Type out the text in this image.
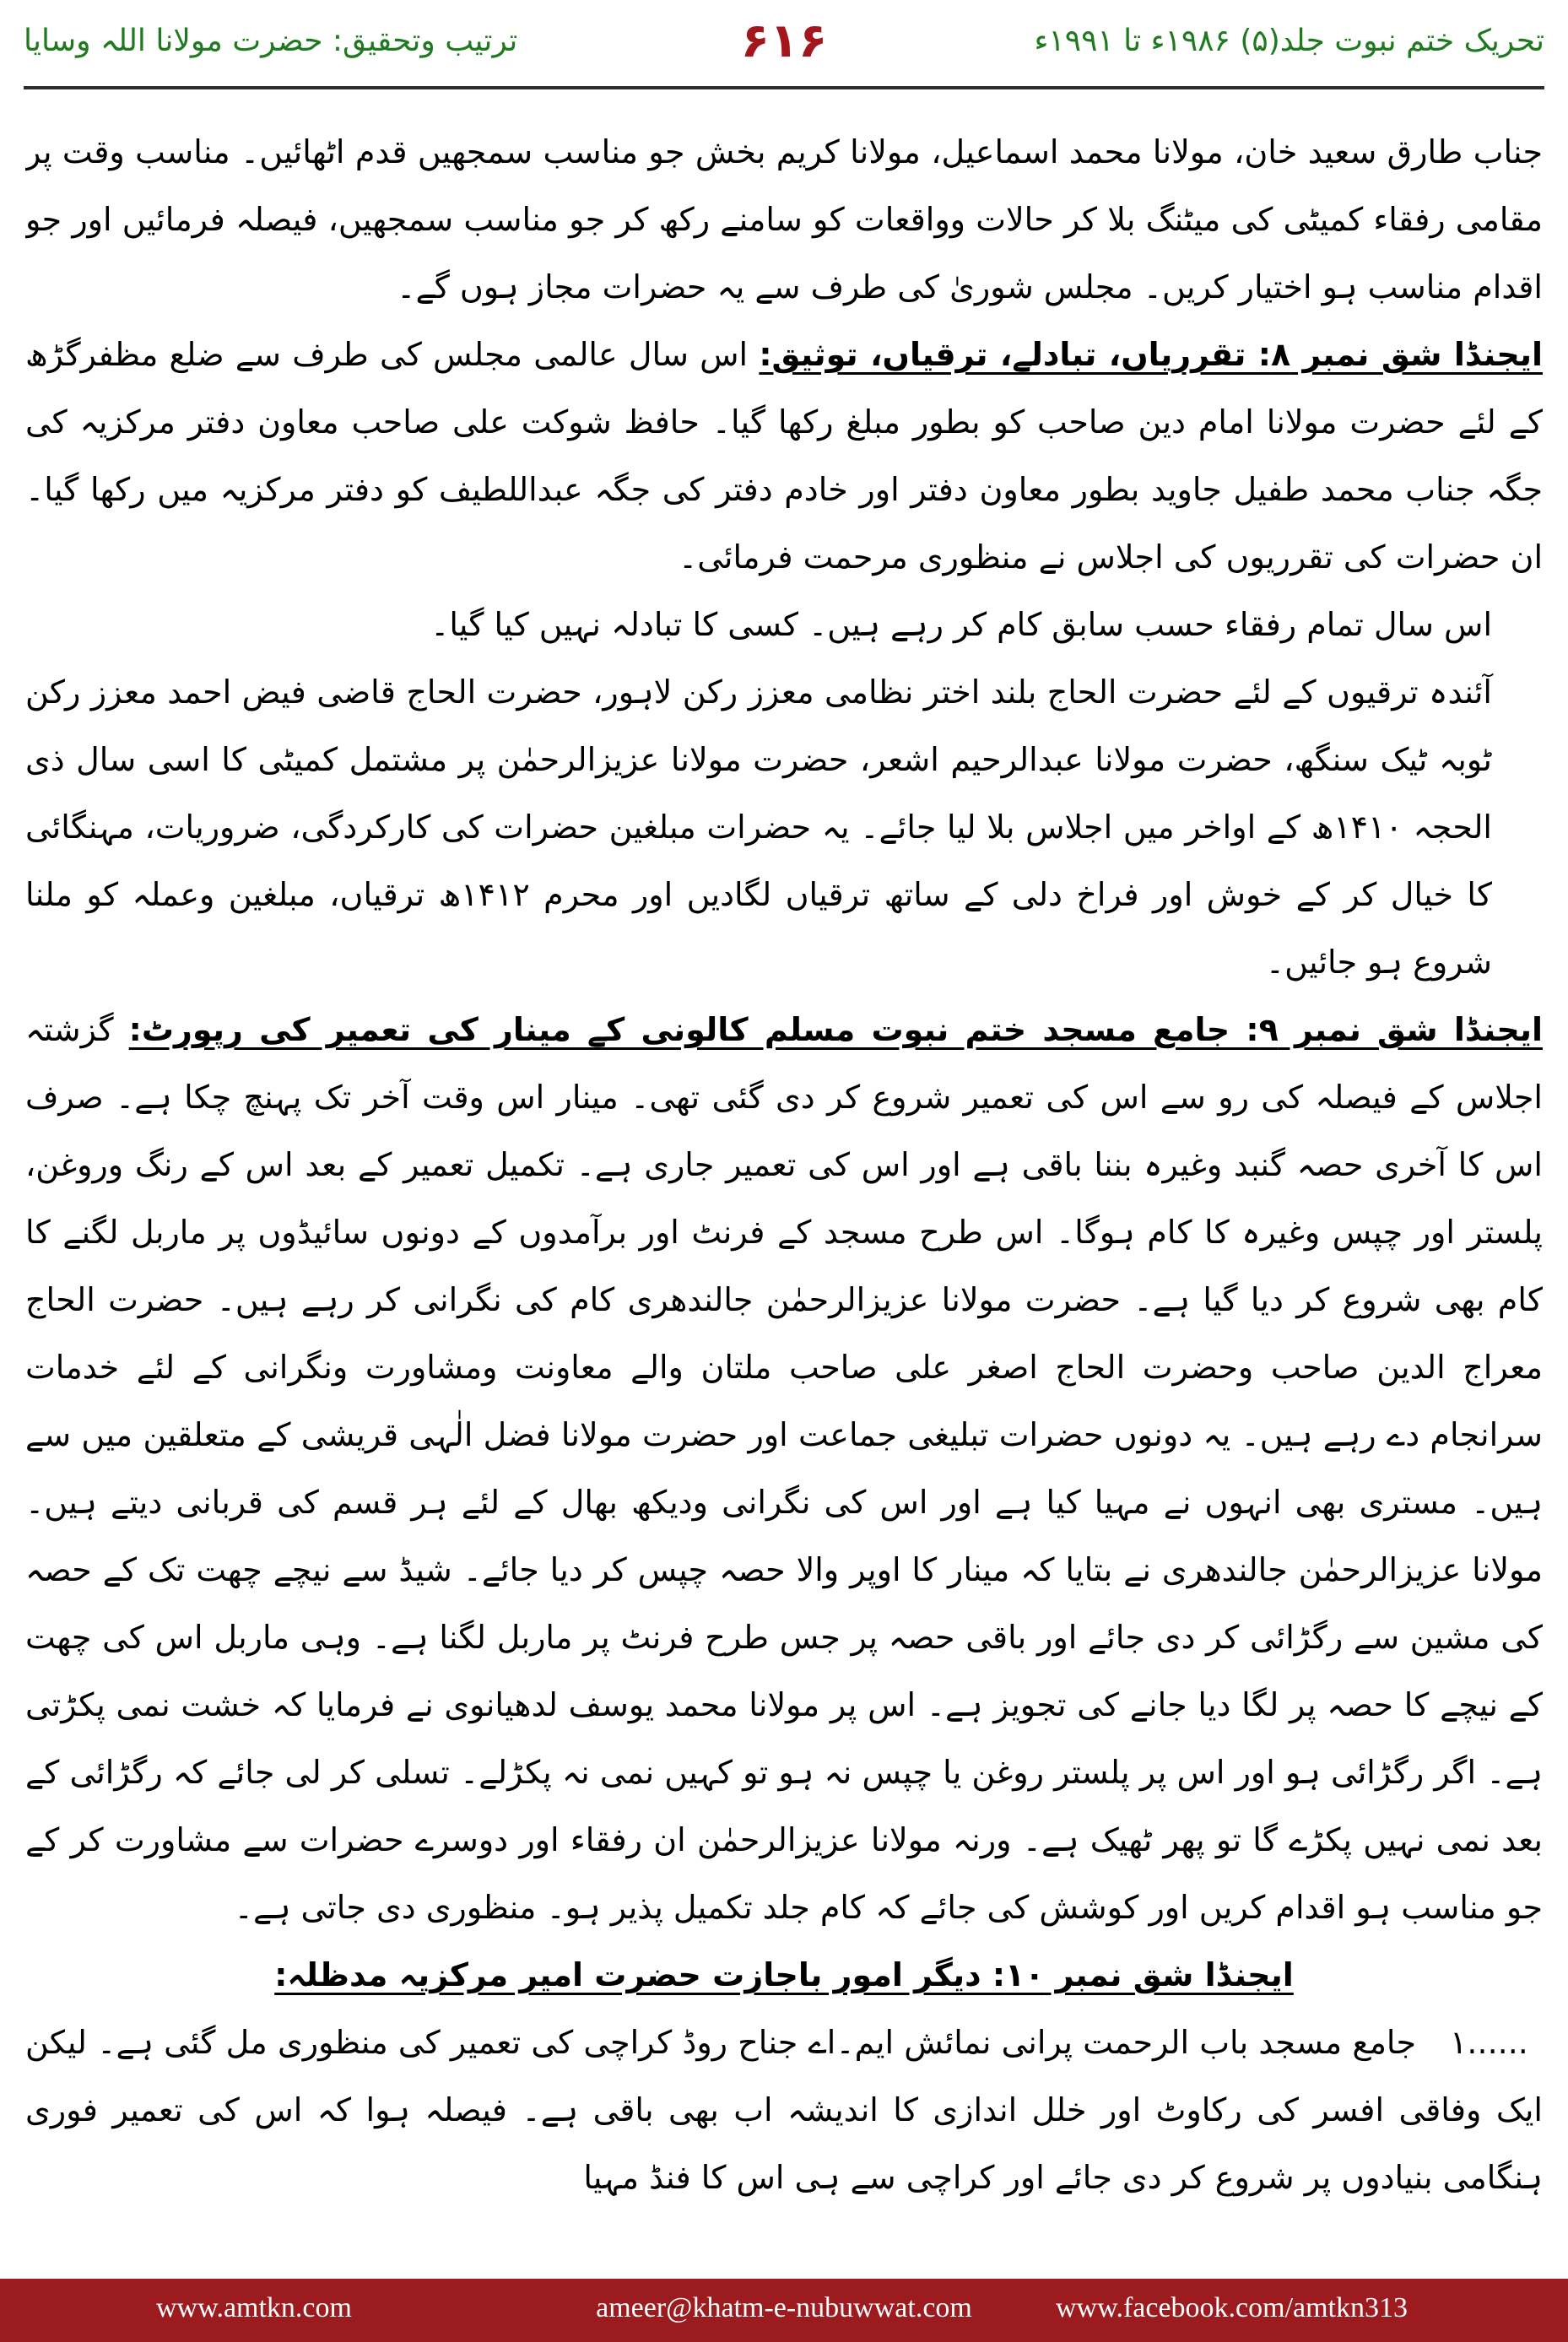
ترتیب وتحقیق: حضرت مولانا اللہ وسایا	۶۱۶	تحریک ختم نبوت جلد(۵) ۱۹۸۶ء تا ۱۹۹۱ء

جناب طارق سعید خان، مولانا محمد اسماعیل، مولانا کریم بخش جو مناسب سمجھیں قدم اٹھائیں۔ مناسب وقت پر مقامی رفقاء کمیٹی کی میٹنگ بلا کر حالات وواقعات کو سامنے رکھ کر جو مناسب سمجھیں، فیصلہ فرمائیں اور جو اقدام مناسب ہو اختیار کریں۔ مجلس شوریٰ کی طرف سے یہ حضرات مجاز ہوں گے۔

ایجنڈا شق نمبر ۸: تقرریاں، تبادلے، ترقیاں، توثیق: اس سال عالمی مجلس کی طرف سے ضلع مظفرگڑھ کے لئے حضرت مولانا امام دین صاحب کو بطور مبلغ رکھا گیا۔ حافظ شوکت علی صاحب معاون دفتر مرکزیہ کی جگہ جناب محمد طفیل جاوید بطور معاون دفتر اور خادم دفتر کی جگہ عبداللطیف کو دفتر مرکزیہ میں رکھا گیا۔ ان حضرات کی تقرریوں کی اجلاس نے منظوری مرحمت فرمائی۔

اس سال تمام رفقاء حسب سابق کام کر رہے ہیں۔ کسی کا تبادلہ نہیں کیا گیا۔

آئندہ ترقیوں کے لئے حضرت الحاج بلند اختر نظامی معزز رکن لاہور، حضرت الحاج قاضی فیض احمد معزز رکن ٹوبہ ٹیک سنگھ، حضرت مولانا عبدالرحیم اشعر، حضرت مولانا عزیزالرحمٰن پر مشتمل کمیٹی کا اسی سال ذی الحجہ ۱۴۱۰ھ کے اواخر میں اجلاس بلا لیا جائے۔ یہ حضرات مبلغین حضرات کی کارکردگی، ضروریات، مہنگائی کا خیال کر کے خوش اور فراخ دلی کے ساتھ ترقیاں لگادیں اور محرم ۱۴۱۲ھ ترقیاں، مبلغین وعملہ کو ملنا شروع ہو جائیں۔

ایجنڈا شق نمبر ۹: جامع مسجد ختم نبوت مسلم کالونی کے مینار کی تعمیر کی رپورٹ: گزشتہ اجلاس کے فیصلہ کی رو سے اس کی تعمیر شروع کر دی گئی تھی۔ مینار اس وقت آخر تک پہنچ چکا ہے۔ صرف اس کا آخری حصہ گنبد وغیرہ بننا باقی ہے اور اس کی تعمیر جاری ہے۔ تکمیل تعمیر کے بعد اس کے رنگ وروغن، پلستر اور چپس وغیرہ کا کام ہوگا۔ اس طرح مسجد کے فرنٹ اور برآمدوں کے دونوں سائیڈوں پر ماربل لگنے کا کام بھی شروع کر دیا گیا ہے۔ حضرت مولانا عزیزالرحمٰن جالندھری کام کی نگرانی کر رہے ہیں۔ حضرت الحاج معراج الدین صاحب وحضرت الحاج اصغر علی صاحب ملتان والے معاونت ومشاورت ونگرانی کے لئے خدمات سرانجام دے رہے ہیں۔ یہ دونوں حضرات تبلیغی جماعت اور حضرت مولانا فضل الٰہی قریشی کے متعلقین میں سے ہیں۔ مستری بھی انہوں نے مہیا کیا ہے اور اس کی نگرانی ودیکھ بھال کے لئے ہر قسم کی قربانی دیتے ہیں۔ مولانا عزیزالرحمٰن جالندھری نے بتایا کہ مینار کا اوپر والا حصہ چپس کر دیا جائے۔ شیڈ سے نیچے چھت تک کے حصہ کی مشین سے رگڑائی کر دی جائے اور باقی حصہ پر جس طرح فرنٹ پر ماربل لگنا ہے۔ وہی ماربل اس کی چھت کے نیچے کا حصہ پر لگا دیا جانے کی تجویز ہے۔ اس پر مولانا محمد یوسف لدھیانوی نے فرمایا کہ خشت نمی پکڑتی ہے۔ اگر رگڑائی ہو اور اس پر پلستر روغن یا چپس نہ ہو تو کہیں نمی نہ پکڑلے۔ تسلی کر لی جائے کہ رگڑائی کے بعد نمی نہیں پکڑے گا تو پھر ٹھیک ہے۔ ورنہ مولانا عزیزالرحمٰن ان رفقاء اور دوسرے حضرات سے مشاورت کر کے جو مناسب ہو اقدام کریں اور کوشش کی جائے کہ کام جلد تکمیل پذیر ہو۔ منظوری دی جاتی ہے۔

ایجنڈا شق نمبر ۱۰: دیگر امور باجازت حضرت امیر مرکزیہ مدظلہ:

۱......جامع مسجد باب الرحمت پرانی نمائش ایم۔اے جناح روڈ کراچی کی تعمیر کی منظوری مل گئی ہے۔ لیکن ایک وفاقی افسر کی رکاوٹ اور خلل اندازی کا اندیشہ اب بھی باقی ہے۔ فیصلہ ہوا کہ اس کی تعمیر فوری ہنگامی بنیادوں پر شروع کر دی جائے اور کراچی سے ہی اس کا فنڈ مہیا

www.amtkn.com	ameer@khatm-e-nubuwwat.com	www.facebook.com/amtkn313
